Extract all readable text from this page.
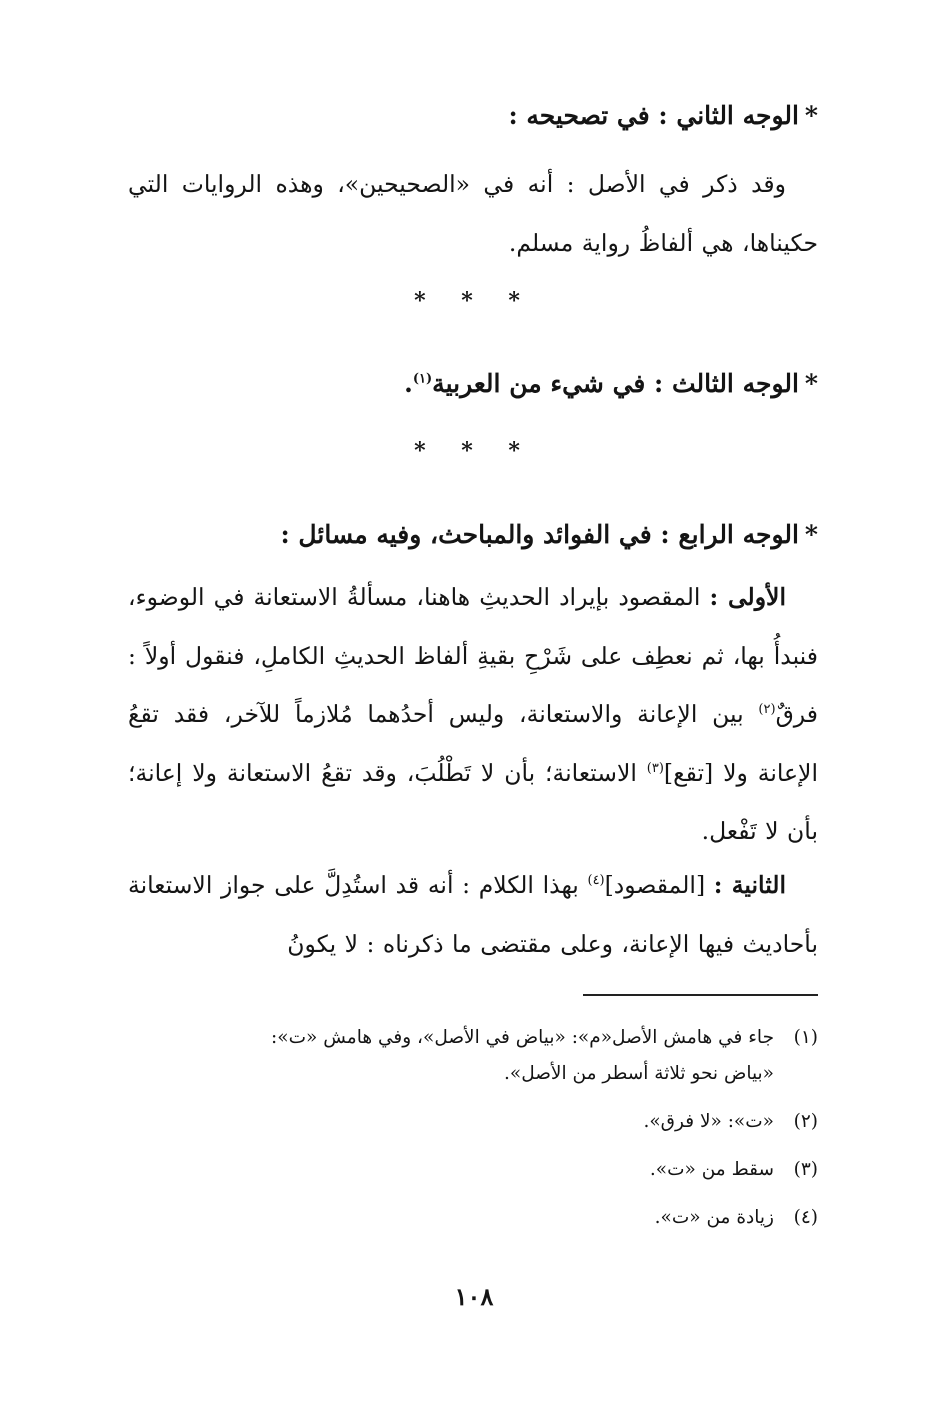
*الوجه الثاني : في تصحيحه :
وقد ذكر في الأصل : أنه في «الصحيحين»، وهذه الروايات التي حكيناها، هي ألفاظُ رواية مسلم.
* * *
*الوجه الثالث : في شيء من العربية$^{(١)}$.
* * *
*الوجه الرابع : في الفوائد والمباحث، وفيه مسائل :
الأولى : المقصود بإيراد الحديثِ هاهنا، مسألةُ الاستعانة في الوضوء، فنبدأُ بها، ثم نعطِف على شَرْحِ بقيةِ ألفاظ الحديثِ الكاملِ، فنقول أولاً : فرقٌ$^{(٢)}$ بين الإعانة والاستعانة، وليس أحدُهما مُلازماً للآخر، فقد تقعُ الإعانة ولا [تقع]$^{(٣)}$ الاستعانة؛ بأن لا تَطْلُبَ، وقد تقعُ الاستعانة ولا إعانة؛ بأن لا تَفْعل.
الثانية : [المقصود]$^{(٤)}$ بهذا الكلام : أنه قد استُدِلَّ على جواز الاستعانة بأحاديث فيها الإعانة، وعلى مقتضى ما ذكرناه : لا يكونُ
(١)
جاء في هامش الأصل«م»: «بياض في الأصل»، وفي هامش «ت»:
«بياض نحو ثلاثة أسطر من الأصل».
(٢)
«ت»: «لا فرق».
(٣)
سقط من «ت».
(٤)
زيادة من «ت».
١٠٨
